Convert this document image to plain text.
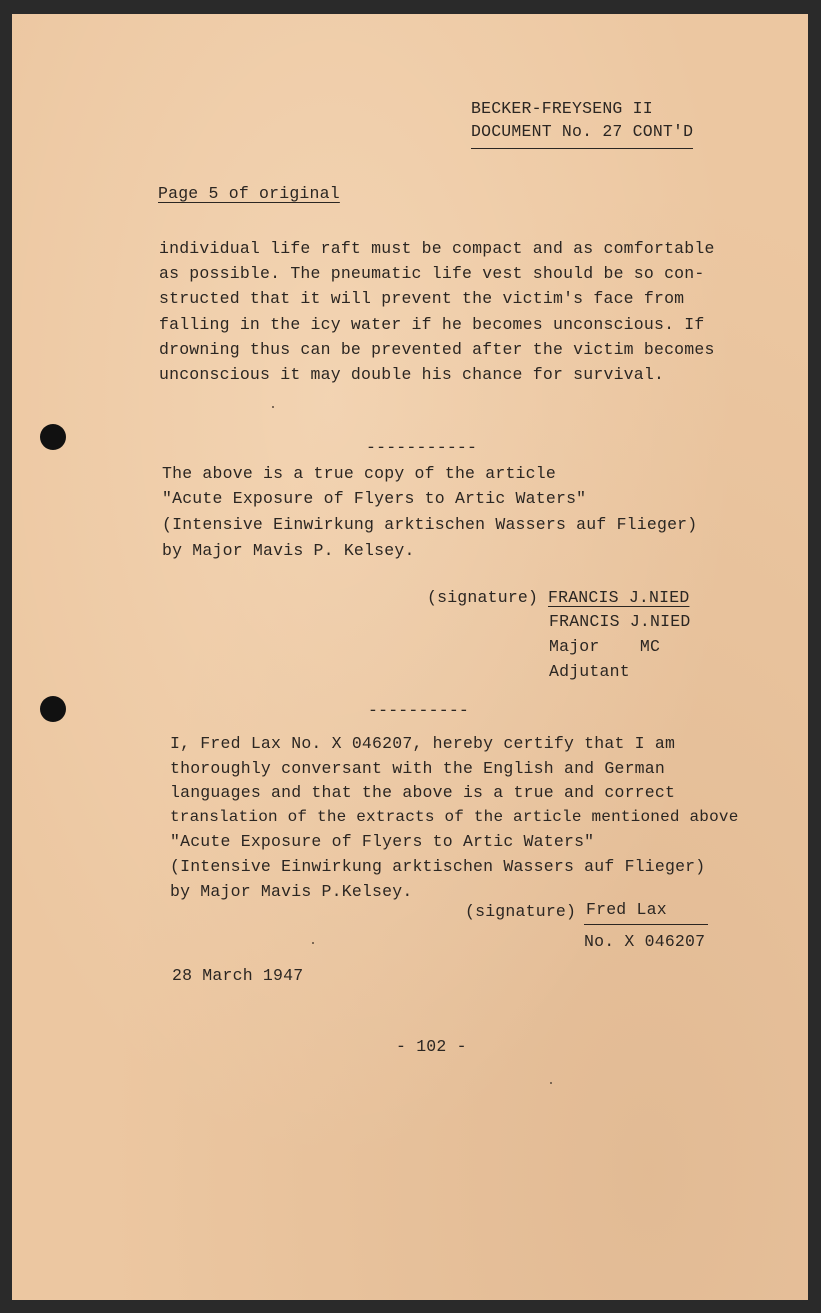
BECKER-FREYSENG II
DOCUMENT No. 27 CONT'D
Page 5 of original
individual life raft must be compact and as comfortable
as possible. The pneumatic life vest should be so con-
structed that it will prevent the victim's face from
falling in the icy water if he becomes unconscious. If
drowning thus can be prevented after the victim becomes
unconscious it may double his chance for survival.
-----------
The above is a true copy of the article
"Acute Exposure of Flyers to Artic Waters"
(Intensive Einwirkung arktischen Wassers auf Flieger)
by Major Mavis P. Kelsey.
(signature) FRANCIS J.NIED
FRANCIS J.NIED
Major    MC
Adjutant
----------
I, Fred Lax No. X 046207, hereby certify that I am
thoroughly conversant with the English and German
languages and that the above is a true and correct
translation of the extracts of the article mentioned above
"Acute Exposure of Flyers to Artic Waters"
(Intensive Einwirkung arktischen Wassers auf Flieger)
by Major Mavis P.Kelsey.
(signature) Fred Lax
No. X 046207
28 March 1947
- 102 -
